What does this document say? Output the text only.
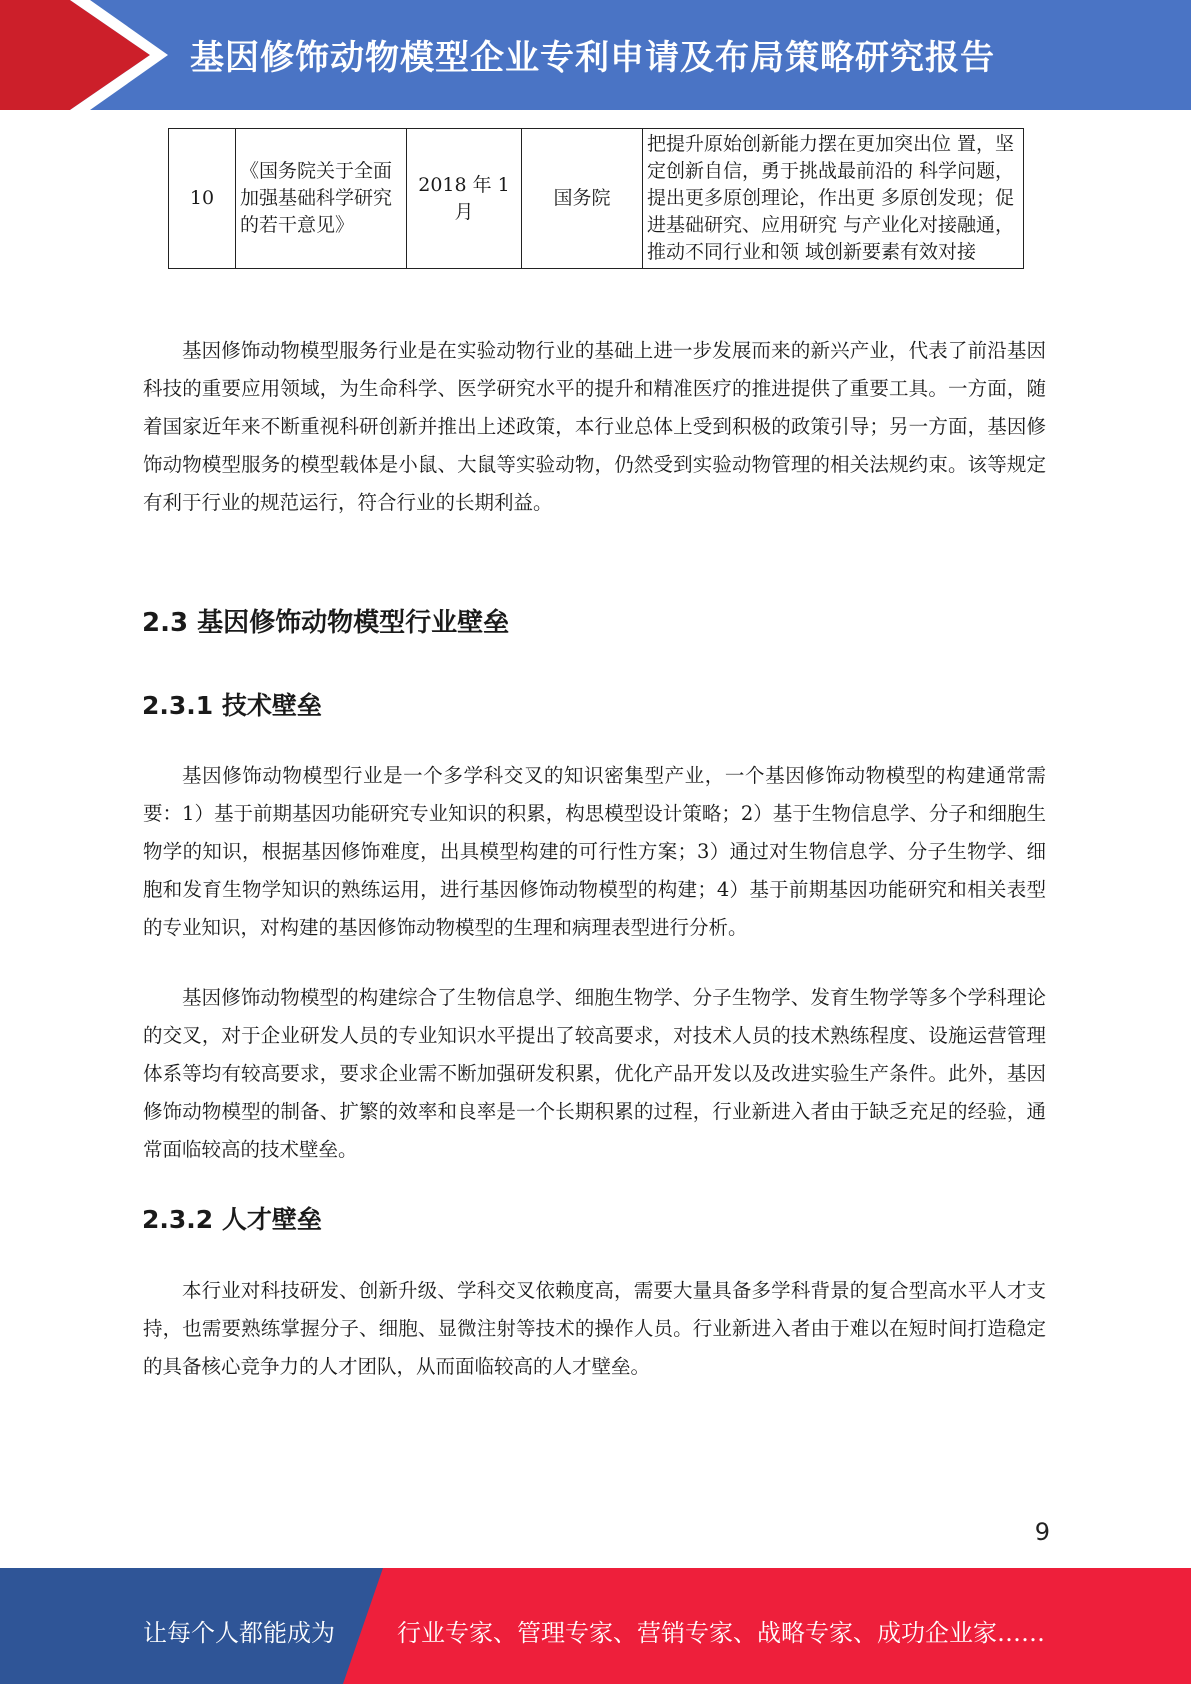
基因修饰动物模型企业专利申请及布局策略研究报告
10	《国务院关于全面加强基础科学研究的若干意见》	2018 年 1月	国务院	把提升原始创新能力摆在更加突出位 置，坚定创新自信，勇于挑战最前沿的 科学问题，提出更多原创理论，作出更 多原创发现；促进基础研究、应用研究 与产业化对接融通，推动不同行业和领 域创新要素有效对接

基因修饰动物模型服务行业是在实验动物行业的基础上进一步发展而来的新兴产业，代表了前沿基因科技的重要应用领域，为生命科学、医学研究水平的提升和精准医疗的推进提供了重要工具。一方面，随着国家近年来不断重视科研创新并推出上述政策，本行业总体上受到积极的政策引导；另一方面，基因修饰动物模型服务的模型载体是小鼠、大鼠等实验动物，仍然受到实验动物管理的相关法规约束。该等规定有利于行业的规范运行，符合行业的长期利益。

2.3 基因修饰动物模型行业壁垒
2.3.1 技术壁垒

基因修饰动物模型行业是一个多学科交叉的知识密集型产业，一个基因修饰动物模型的构建通常需要：1）基于前期基因功能研究专业知识的积累，构思模型设计策略；2）基于生物信息学、分子和细胞生物学的知识，根据基因修饰难度，出具模型构建的可行性方案；3）通过对生物信息学、分子生物学、细胞和发育生物学知识的熟练运用，进行基因修饰动物模型的构建；4）基于前期基因功能研究和相关表型的专业知识，对构建的基因修饰动物模型的生理和病理表型进行分析。

基因修饰动物模型的构建综合了生物信息学、细胞生物学、分子生物学、发育生物学等多个学科理论的交叉，对于企业研发人员的专业知识水平提出了较高要求，对技术人员的技术熟练程度、设施运营管理体系等均有较高要求，要求企业需不断加强研发积累，优化产品开发以及改进实验生产条件。此外，基因修饰动物模型的制备、扩繁的效率和良率是一个长期积累的过程，行业新进入者由于缺乏充足的经验，通常面临较高的技术壁垒。

2.3.2 人才壁垒

本行业对科技研发、创新升级、学科交叉依赖度高，需要大量具备多学科背景的复合型高水平人才支持，也需要熟练掌握分子、细胞、显微注射等技术的操作人员。行业新进入者由于难以在短时间打造稳定的具备核心竞争力的人才团队，从而面临较高的人才壁垒。

9
让每个人都能成为	行业专家、管理专家、营销专家、战略专家、成功企业家……
